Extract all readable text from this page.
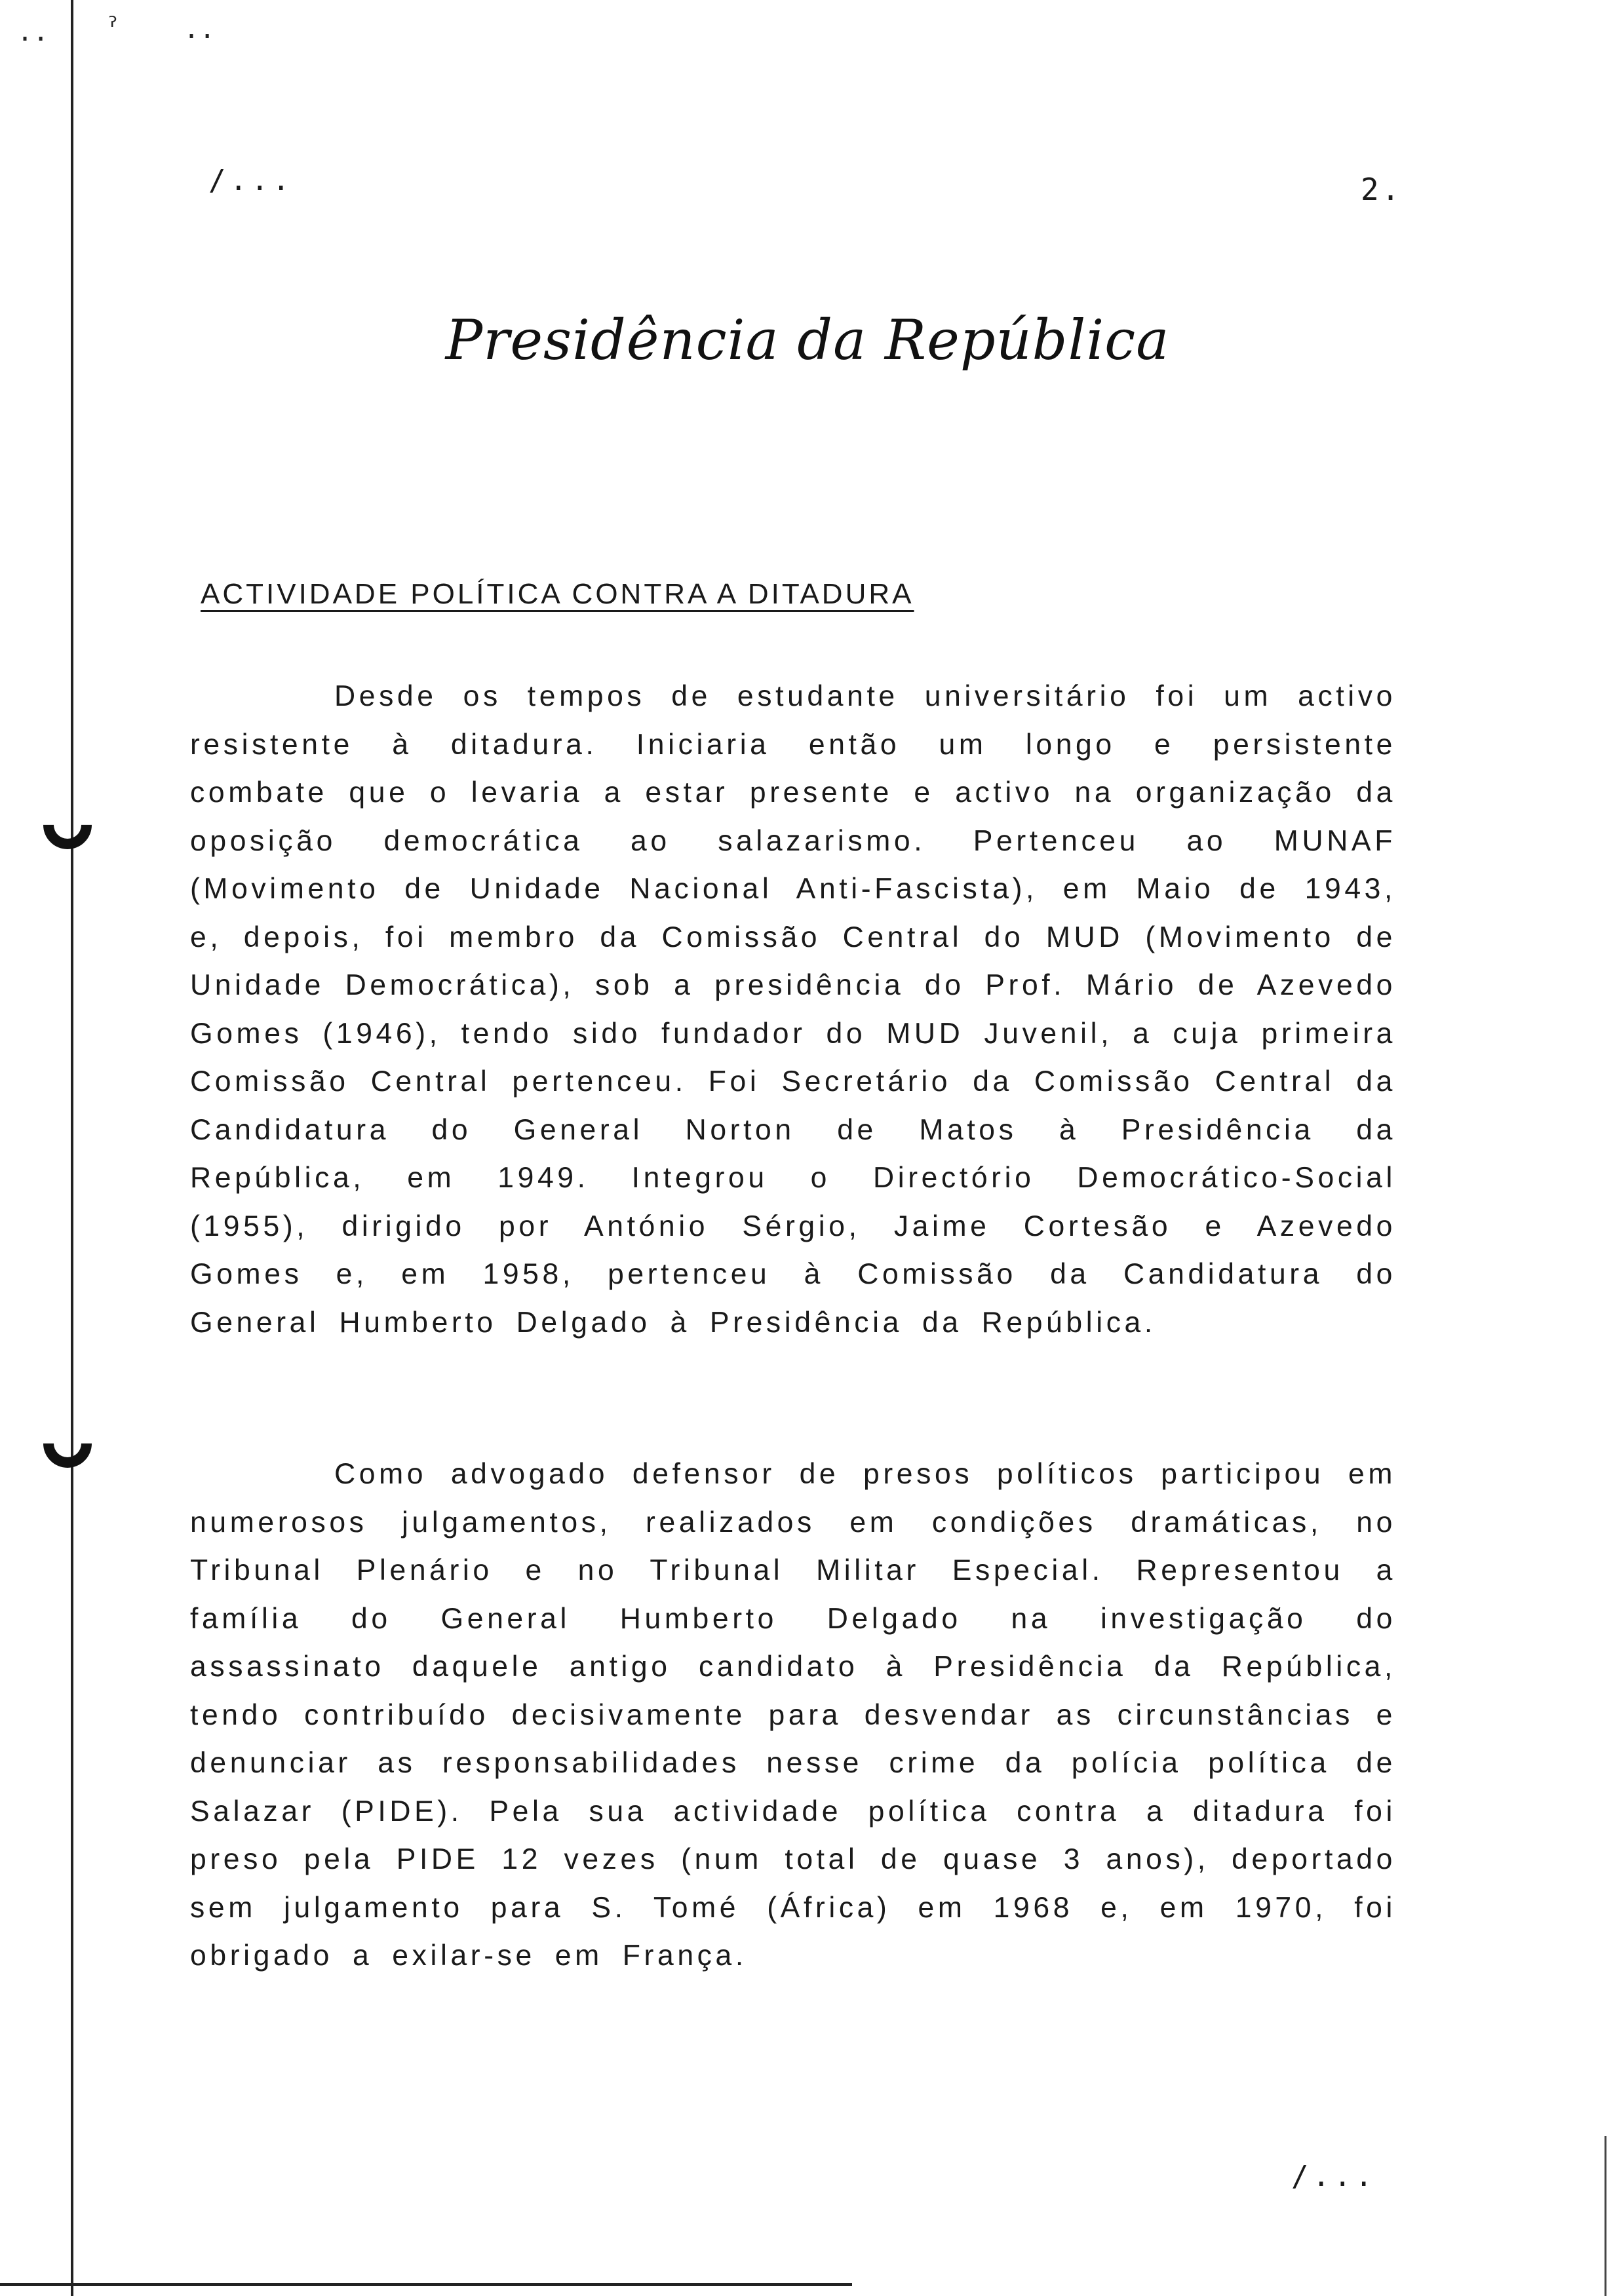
·· ˀ ··
/...	2.
Presidência da República
ACTIVIDADE POLÍTICA CONTRA A DITADURA

Desde os tempos de estudante universitário foi um activo resistente à ditadura. Iniciaria então um longo e persistente combate que o levaria a estar presente e activo na organização da oposição democrática ao salazarismo. Pertenceu ao MUNAF (Movimento de Unidade Nacional Anti-Fascista), em Maio de 1943, e, depois, foi membro da Comissão Central do MUD (Movimento de Unidade Democrática), sob a presidência do Prof. Mário de Azevedo Gomes (1946), tendo sido fundador do MUD Juvenil, a cuja primeira Comissão Central pertenceu. Foi Secretário da Comissão Central da Candidatura do General Norton de Matos à Presidência da República, em 1949. Integrou o Directório Democrático-Social (1955), dirigido por António Sérgio, Jaime Cortesão e Azevedo Gomes e, em 1958, pertenceu à Comissão da Candidatura do General Humberto Delgado à Presidência da República.

Como advogado defensor de presos políticos participou em numerosos julgamentos, realizados em condições dramáticas, no Tribunal Plenário e no Tribunal Militar Especial. Representou a família do General Humberto Delgado na investigação do assassinato daquele antigo candidato à Presidência da República, tendo contribuído decisivamente para desvendar as circunstâncias e denunciar as responsabilidades nesse crime da polícia política de Salazar (PIDE). Pela sua actividade política contra a ditadura foi preso pela PIDE 12 vezes (num total de quase 3 anos), deportado sem julgamento para S. Tomé (África) em 1968 e, em 1970, foi obrigado a exilar-se em França.

/...
